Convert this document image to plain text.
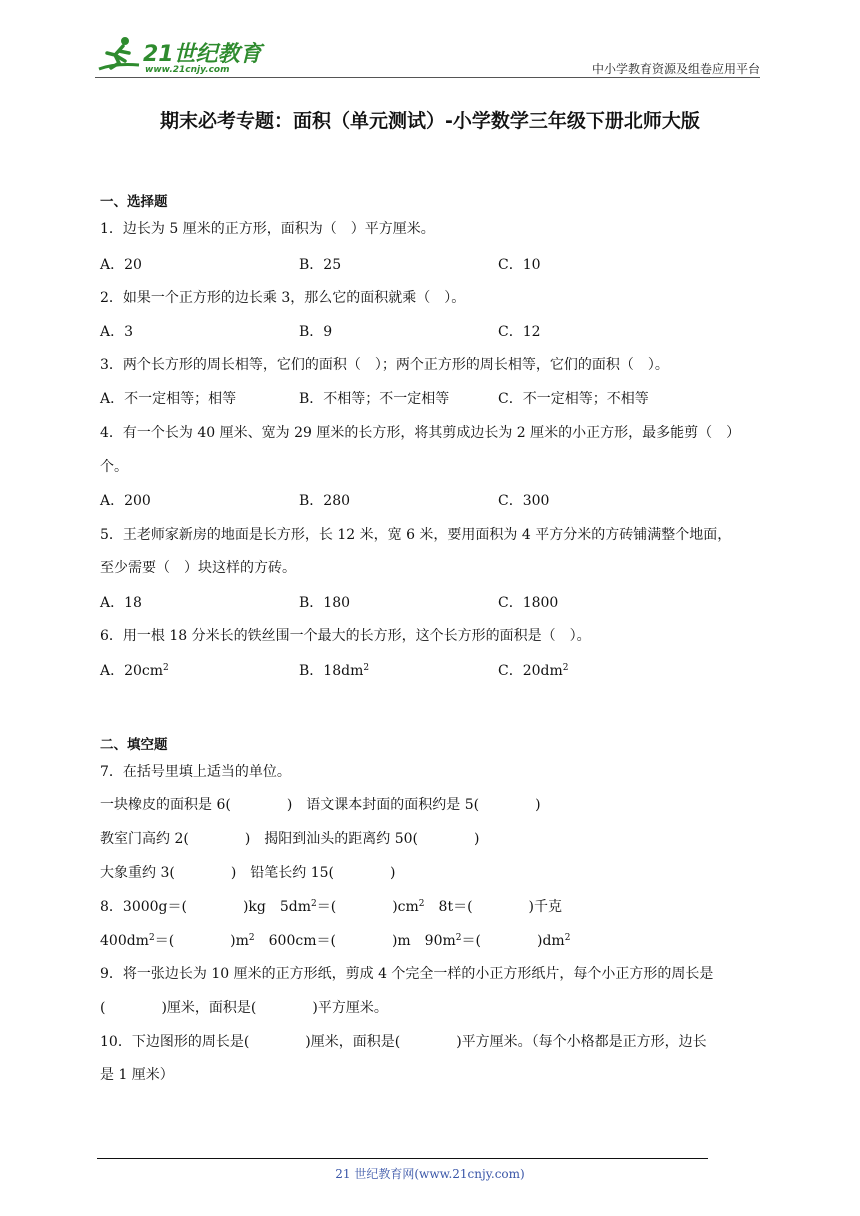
21世纪教育
www.21cnjy.com	中小学教育资源及组卷应用平台
期末必考专题：面积（单元测试）-小学数学三年级下册北师大版
一、选择题
1．边长为 5 厘米的正方形，面积为（　）平方厘米。
A．20	B．25	C．10
2．如果一个正方形的边长乘 3，那么它的面积就乘（　）。
A．3	B．9	C．12
3．两个长方形的周长相等，它们的面积（　）；两个正方形的周长相等，它们的面积（　）。
A．不一定相等；相等	B．不相等；不一定相等	C．不一定相等；不相等
4．有一个长为 40 厘米、宽为 29 厘米的长方形，将其剪成边长为 2 厘米的小正方形，最多能剪（　）
个。
A．200	B．280	C．300
5．王老师家新房的地面是长方形，长 12 米，宽 6 米，要用面积为 4 平方分米的方砖铺满整个地面，
至少需要（　）块这样的方砖。
A．18	B．180	C．1800
6．用一根 18 分米长的铁丝围一个最大的长方形，这个长方形的面积是（　）。
A．$20cm^2$	B．$18dm^2$	C．$20dm^2$
二、填空题
7．在括号里填上适当的单位。
一块橡皮的面积是 6(　　　　)　语文课本封面的面积约是 5(　　　　)
教室门高约 2(　　　　)　揭阳到汕头的距离约 50(　　　　)
大象重约 3(　　　　)　铅笔长约 15(　　　　)
8．3000g＝(　　　　)kg　$5dm^2=$(　　　　)$cm^2$　8t＝(　　　　)千克
$400dm^2=$(　　　　)$m^2$　600cm＝(　　　　)m　$90m^2=$(　　　　)$dm^2$
9．将一张边长为 10 厘米的正方形纸，剪成 4 个完全一样的小正方形纸片，每个小正方形的周长是
(　　　　)厘米，面积是(　　　　)平方厘米。
10．下边图形的周长是(　　　　)厘米，面积是(　　　　)平方厘米。（每个小格都是正方形，边长
是 1 厘米）
21 世纪教育网(www.21cnjy.com)
